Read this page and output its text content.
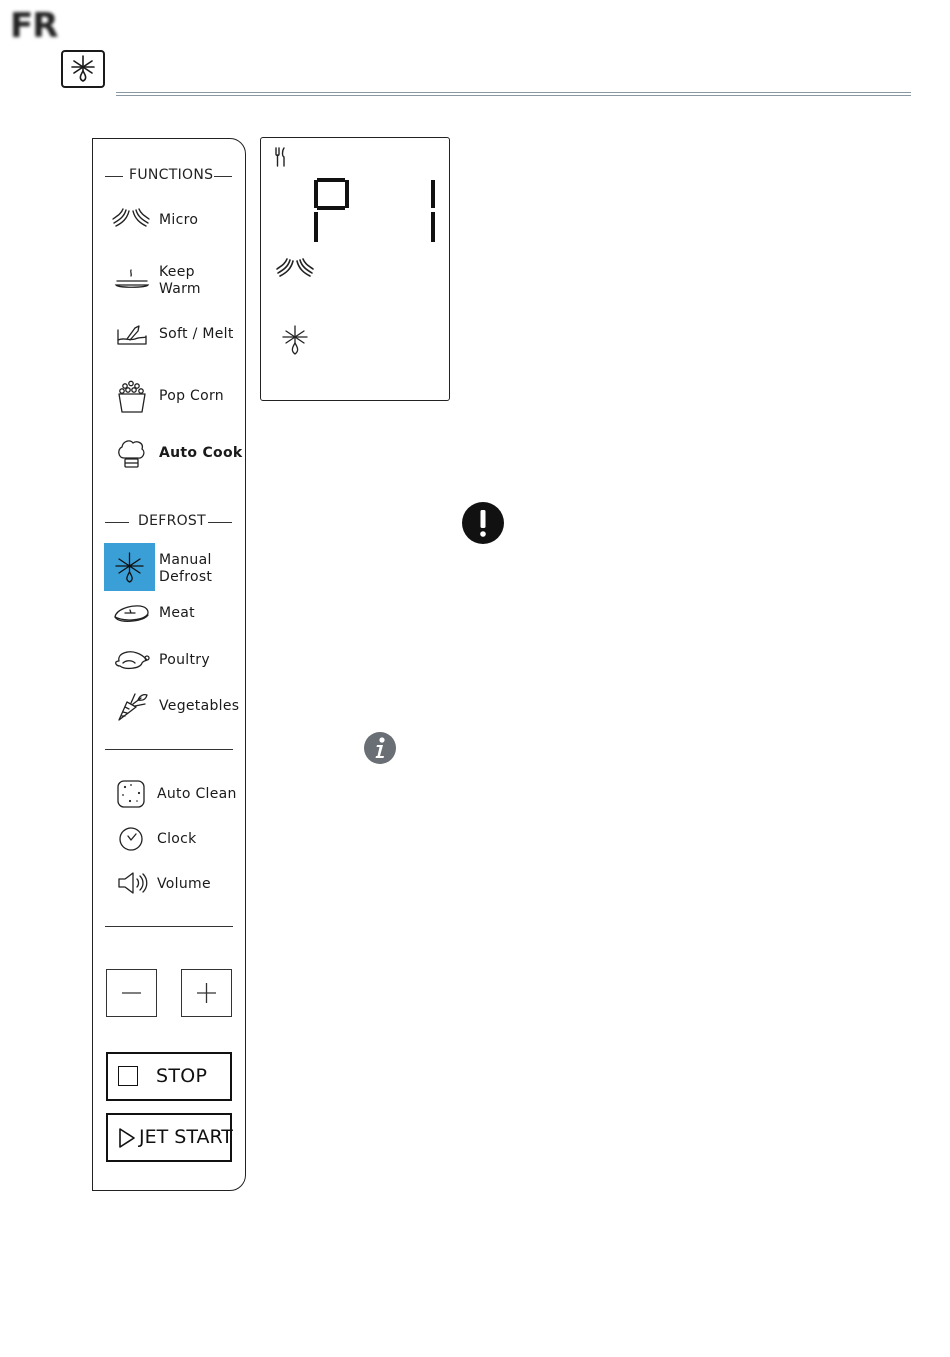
FR
FUNCTIONS
Micro
Keep
Warm
Soft / Melt
Pop Corn
Auto Cook
DEFROST
Manual
Defrost
Meat
Poultry
Vegetables
Auto Clean
Clock
Volume
STOP
JET START
